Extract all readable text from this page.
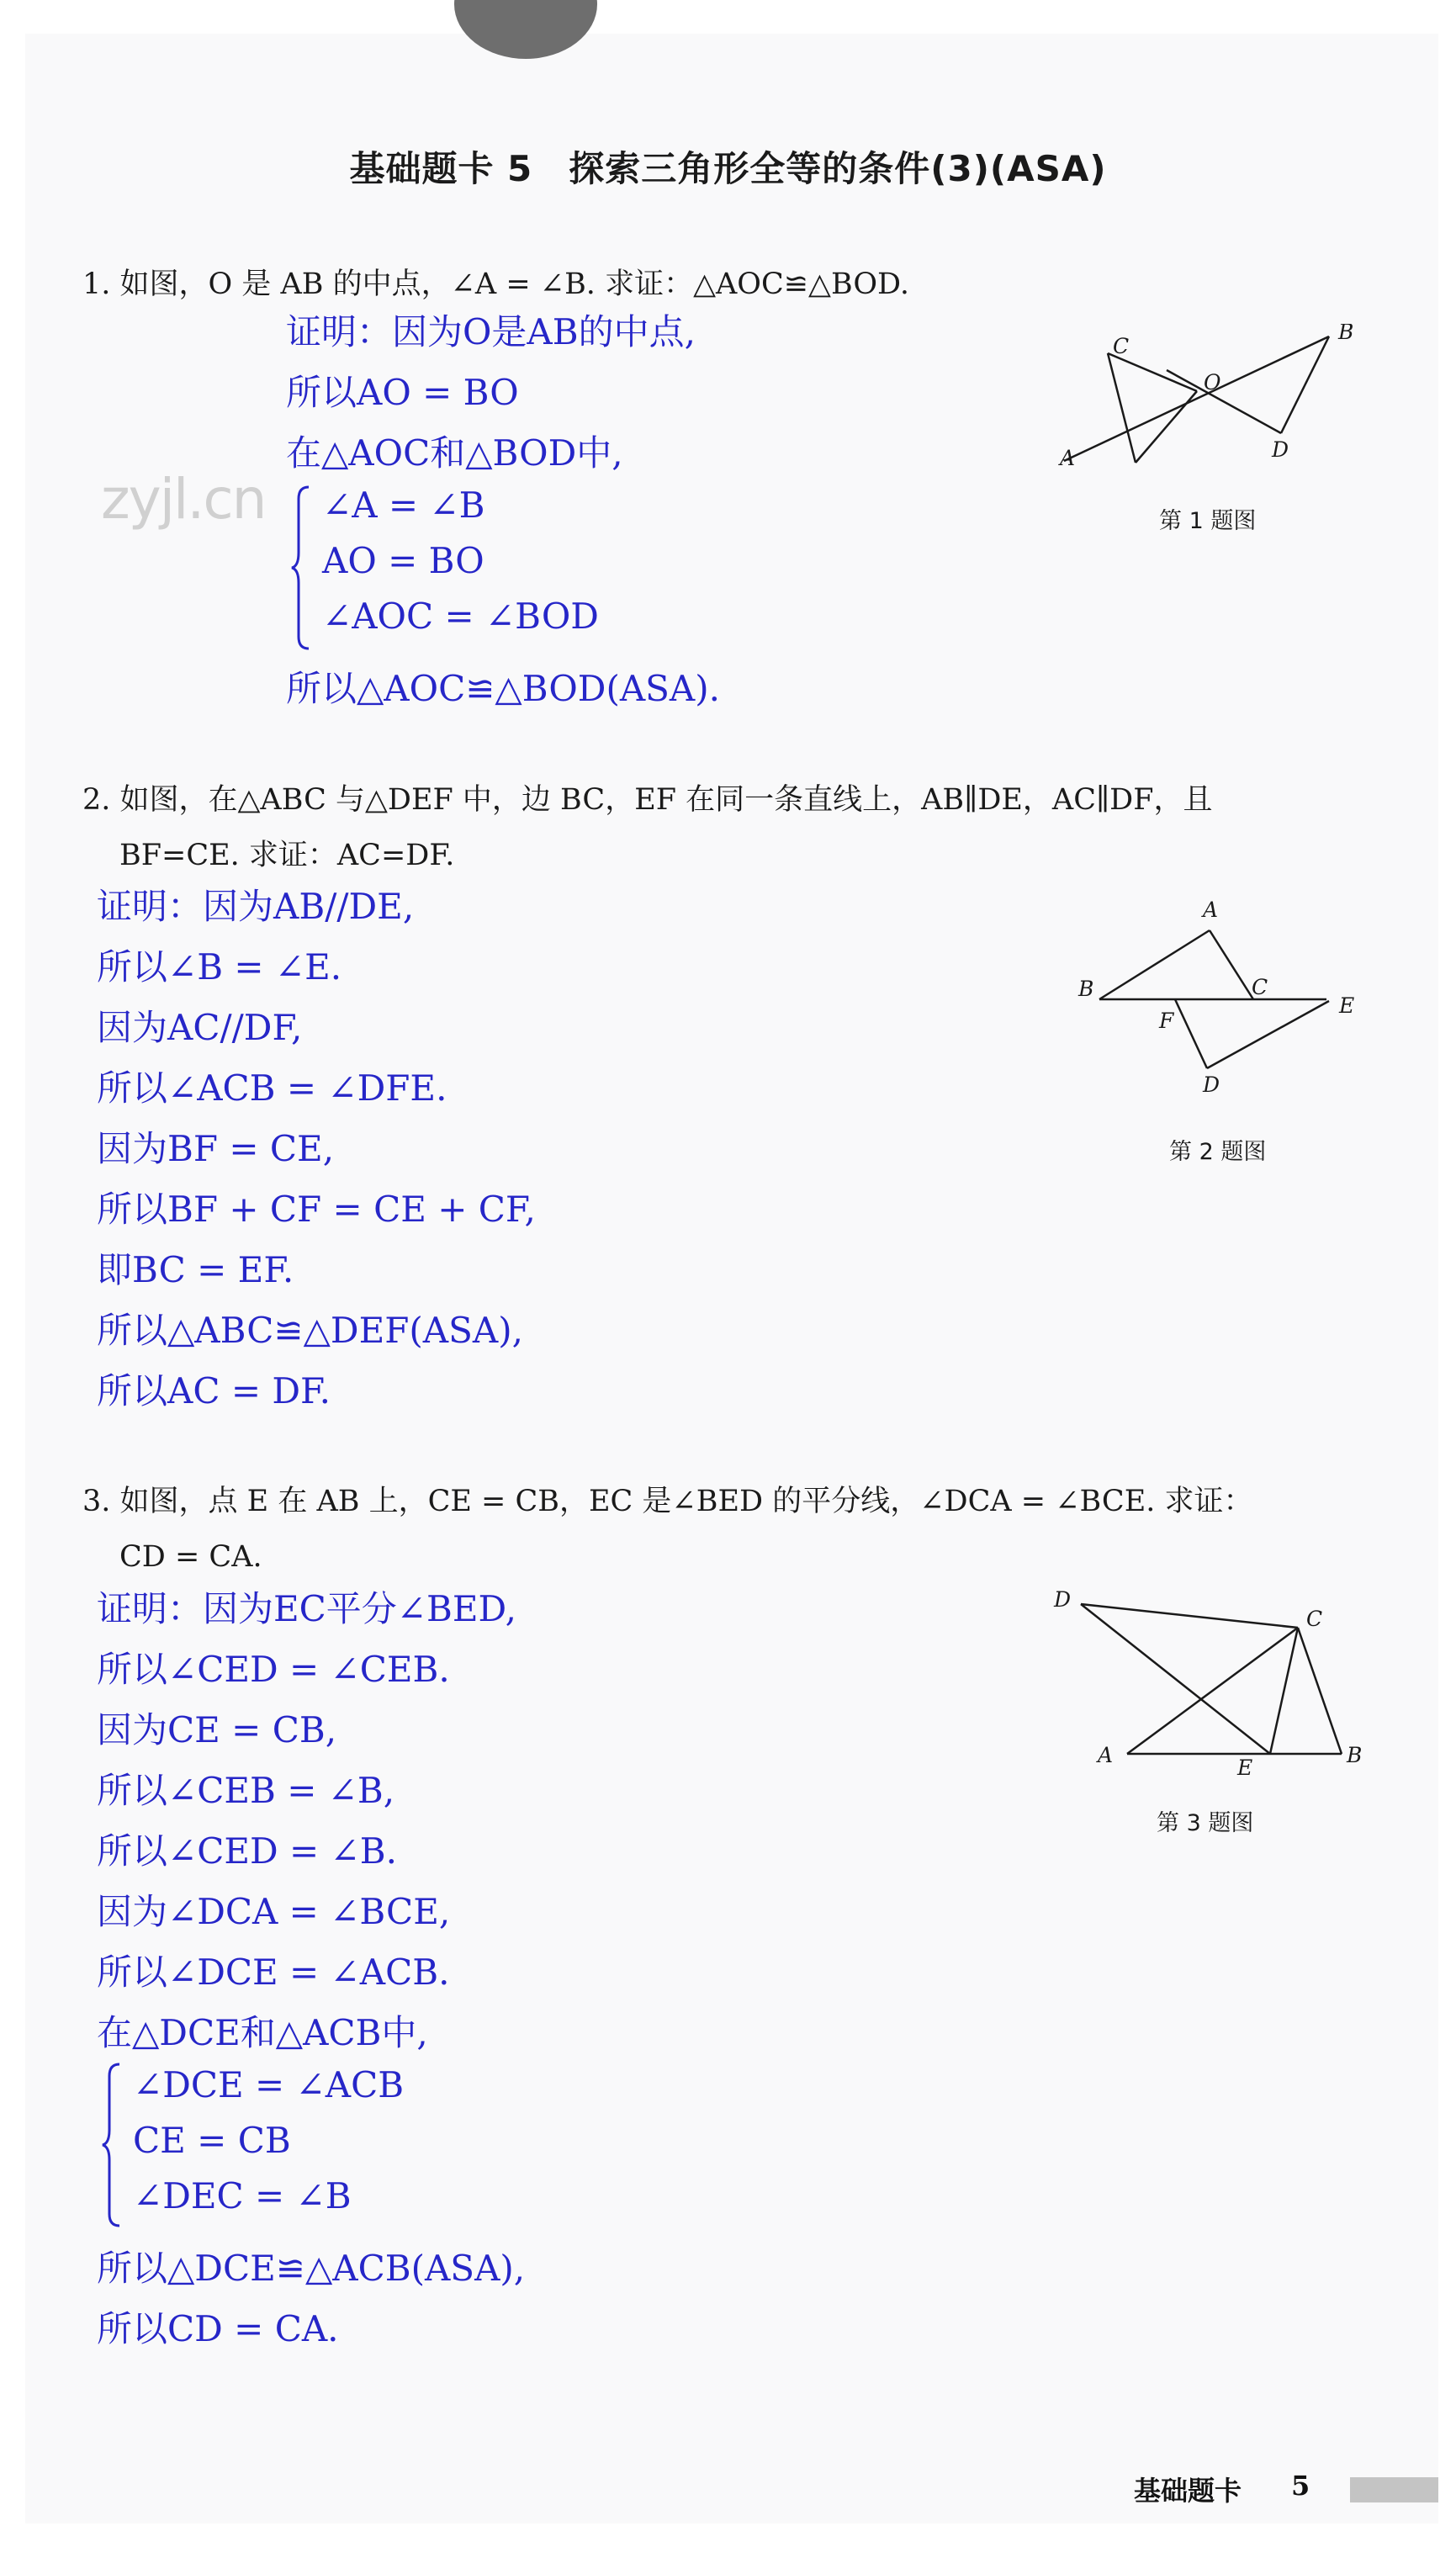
zyjl.cn
基础题卡 5　探索三角形全等的条件(3)(ASA)
1. 如图，O 是 AB 的中点，∠A = ∠B. 求证：△AOC≌△BOD.
证明：因为O是AB的中点,
所以AO = BO
在△AOC和△BOD中,
∠A = ∠B
AO = BO
∠AOC = ∠BOD
所以△AOC≌△BOD(ASA).
C
O
B
A	D
第 1 题图
2. 如图，在△ABC 与△DEF 中，边 BC，EF 在同一条直线上，AB∥DE，AC∥DF，且
BF=CE. 求证：AC=DF.
证明：因为AB//DE,
所以∠B = ∠E.
因为AC//DF,
所以∠ACB = ∠DFE.
因为BF = CE,
所以BF + CF = CE + CF,
即BC = EF.
所以△ABC≌△DEF(ASA),
所以AC = DF.
A
B	C
E
F
D
第 2 题图
3. 如图，点 E 在 AB 上，CE = CB，EC 是∠BED 的平分线，∠DCA = ∠BCE. 求证：
CD = CA.
证明：因为EC平分∠BED,
所以∠CED = ∠CEB.
因为CE = CB,
所以∠CEB = ∠B,
所以∠CED = ∠B.
因为∠DCA = ∠BCE,
所以∠DCE = ∠ACB.
在△DCE和△ACB中,
∠DCE = ∠ACB
CE = CB
∠DEC = ∠B
所以△DCE≌△ACB(ASA),
所以CD = CA.
D
C
A
E
B
第 3 题图
基础题卡 5
